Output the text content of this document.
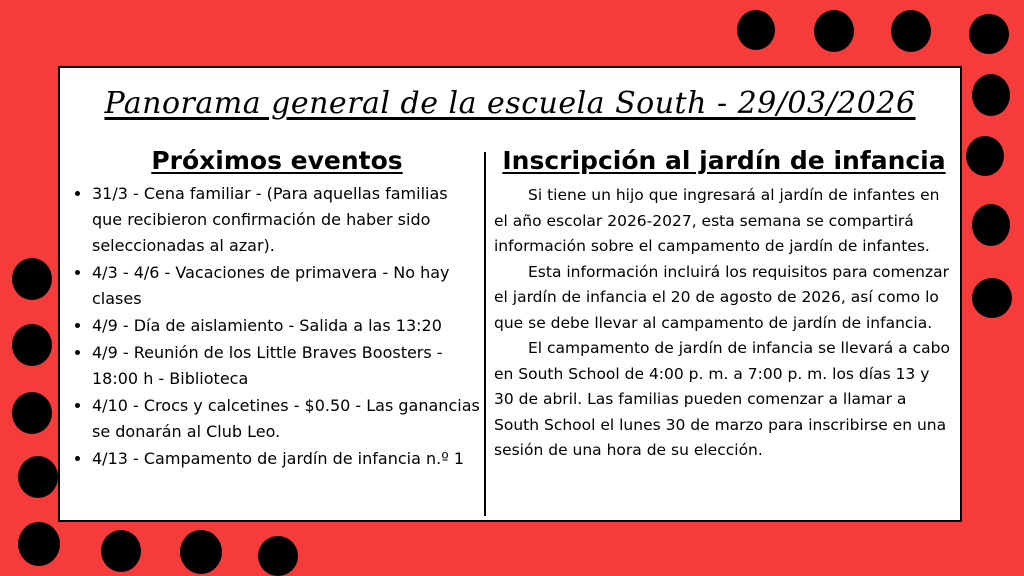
Panorama general de la escuela South - 29/03/2026
Próximos eventos
• 31/3 - Cena familiar - (Para aquellas familias que recibieron confirmación de haber sido seleccionadas al azar).
• 4/3 - 4/6 - Vacaciones de primavera - No hay clases
• 4/9 - Día de aislamiento - Salida a las 13:20
• 4/9 - Reunión de los Little Braves Boosters - 18:00 h - Biblioteca
• 4/10 - Crocs y calcetines - $0.50 - Las ganancias se donarán al Club Leo.
• 4/13 - Campamento de jardín de infancia n.º 1
Inscripción al jardín de infancia

Si tiene un hijo que ingresará al jardín de infantes en el año escolar 2026-2027, esta semana se compartirá información sobre el campamento de jardín de infantes.

Esta información incluirá los requisitos para comenzar el jardín de infancia el 20 de agosto de 2026, así como lo que se debe llevar al campamento de jardín de infancia.

El campamento de jardín de infancia se llevará a cabo en South School de 4:00 p. m. a 7:00 p. m. los días 13 y 30 de abril. Las familias pueden comenzar a llamar a South School el lunes 30 de marzo para inscribirse en una sesión de una hora de su elección.
